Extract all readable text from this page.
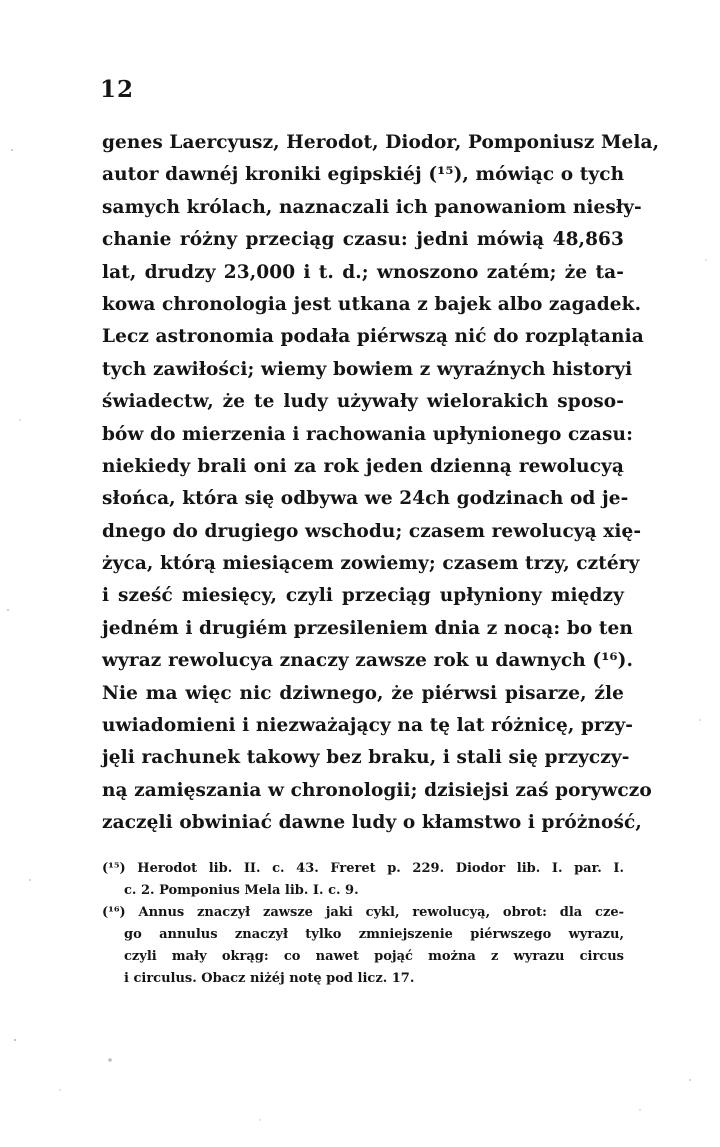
12
genes Laercyusz, Herodot, Diodor, Pomponiusz Mela,
autor dawnéj kroniki egipskiéj (¹⁵), mówiąc o tych
samych królach, naznaczali ich panowaniom niesły-
chanie różny przeciąg czasu: jedni mówią 48,863
lat, drudzy 23,000 i t. d.; wnoszono zatém; że ta-
kowa chronologia jest utkana z bajek albo zagadek.
Lecz astronomia podała piérwszą nić do rozplątania
tych zawiłości; wiemy bowiem z wyraźnych historyi
świadectw, że te ludy używały wielorakich sposo-
bów do mierzenia i rachowania upłynionego czasu:
niekiedy brali oni za rok jeden dzienną rewolucyą
słońca, która się odbywa we 24ch godzinach od je-
dnego do drugiego wschodu; czasem rewolucyą xię-
życa, którą miesiącem zowiemy; czasem trzy, cztéry
i sześć miesięcy, czyli przeciąg upłyniony między
jedném i drugiém przesileniem dnia z nocą: bo ten
wyraz rewolucya znaczy zawsze rok u dawnych (¹⁶).
Nie ma więc nic dziwnego, że piérwsi pisarze, źle
uwiadomieni i niezważający na tę lat różnicę, przy-
jęli rachunek takowy bez braku, i stali się przyczy-
ną zamięszania w chronologii; dzisiejsi zaś porywczo
zaczęli obwiniać dawne ludy o kłamstwo i próżność,
(¹⁵) Herodot lib. II. c. 43. Freret p. 229. Diodor lib. I. par. I.
c. 2. Pomponius Mela lib. I. c. 9.
(¹⁶) Annus znaczył zawsze jaki cykl, rewolucyą, obrot: dla cze-
go annulus znaczył tylko zmniejszenie piérwszego wyrazu,
czyli mały okrąg: co nawet pojąć można z wyrazu circus
i circulus. Obacz niżéj notę pod licz. 17.
